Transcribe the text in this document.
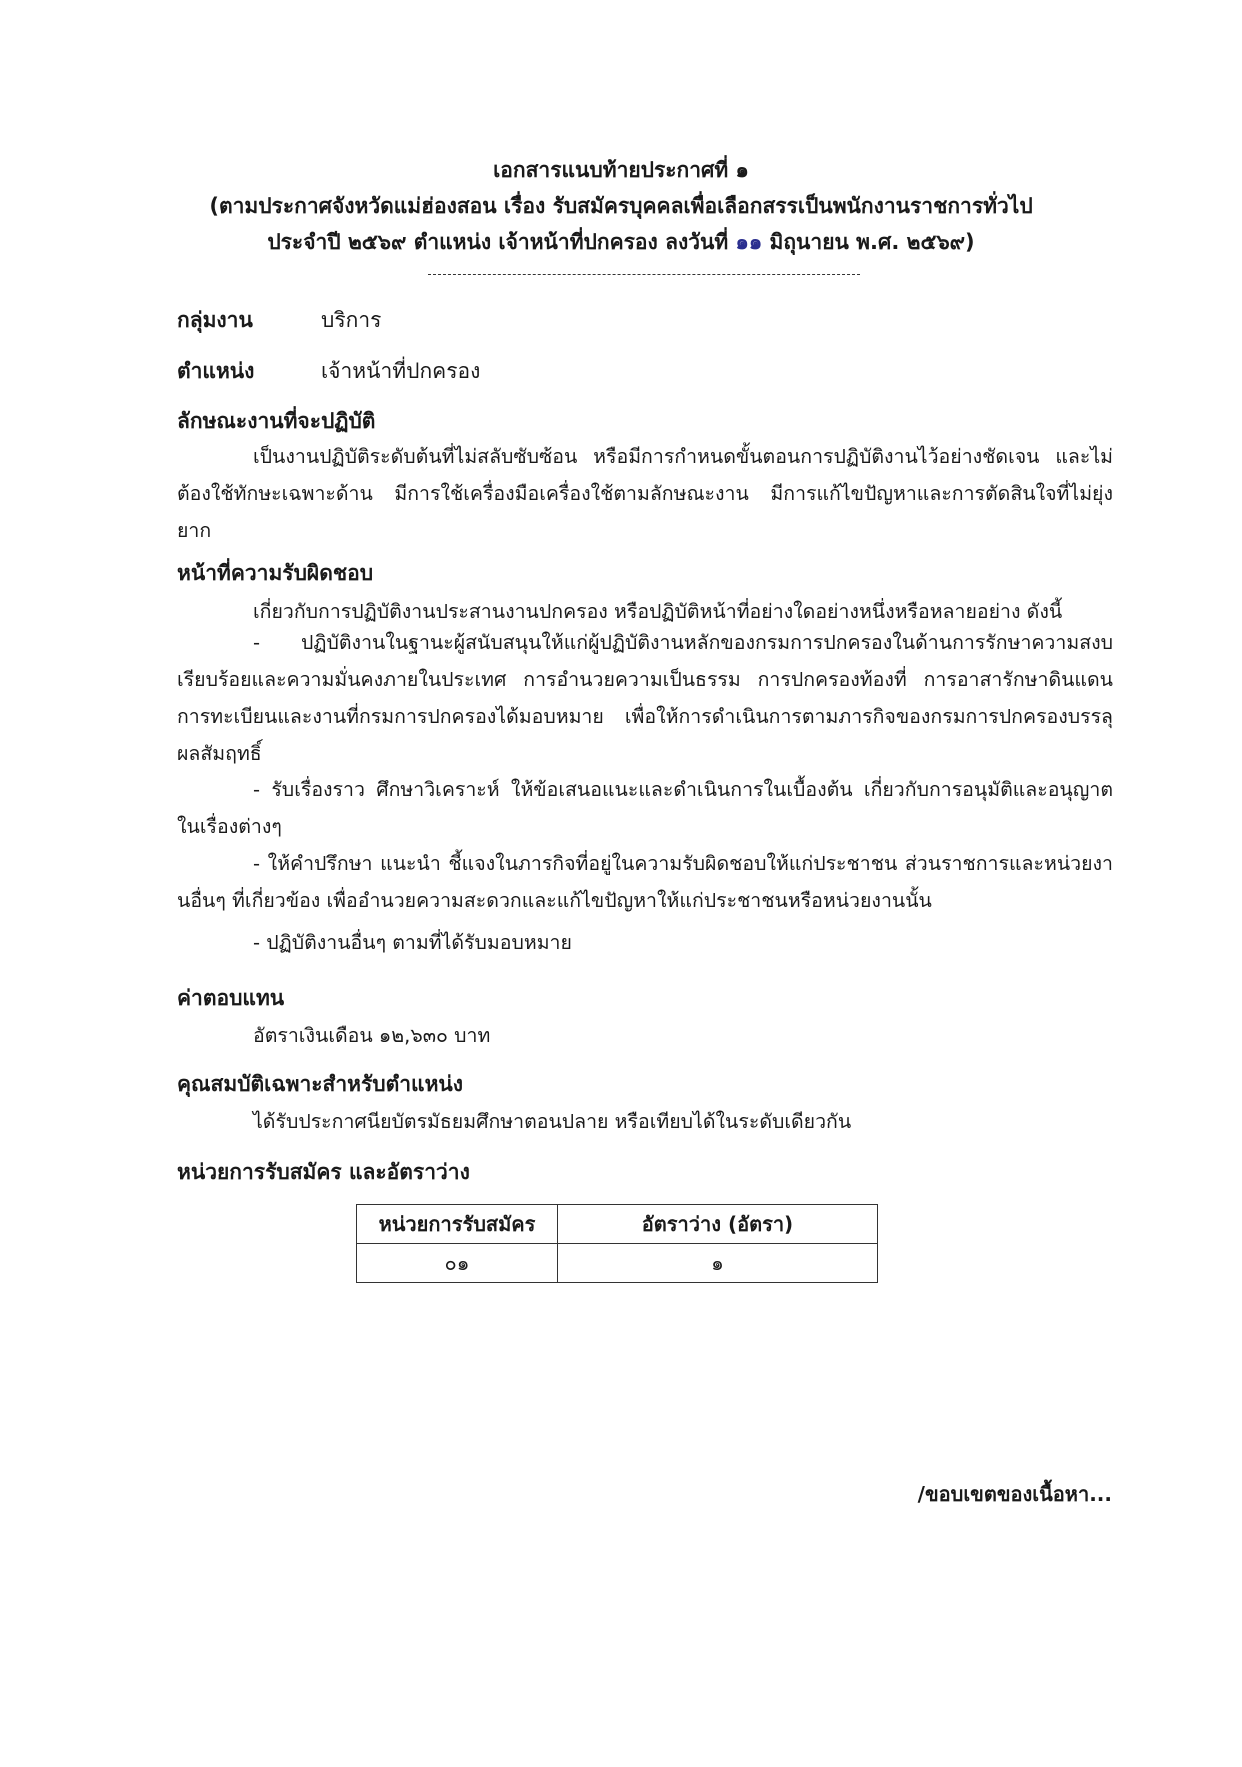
เอกสารแนบท้ายประกาศที่ ๑
(ตามประกาศจังหวัดแม่ฮ่องสอน เรื่อง รับสมัครบุคคลเพื่อเลือกสรรเป็นพนักงานราชการทั่วไป
ประจำปี ๒๕๖๙ ตำแหน่ง เจ้าหน้าที่ปกครอง ลงวันที่ ๑๑ มิถุนายน พ.ศ. ๒๕๖๙)
กลุ่มงาน	บริการ
ตำแหน่ง	เจ้าหน้าที่ปกครอง
ลักษณะงานที่จะปฏิบัติ

เป็นงานปฏิบัติระดับต้นที่ไม่สลับซับซ้อน หรือมีการกำหนดขั้นตอนการปฏิบัติงานไว้อย่างชัดเจน และไม่ต้องใช้ทักษะเฉพาะด้าน มีการใช้เครื่องมือเครื่องใช้ตามลักษณะงาน มีการแก้ไขปัญหาและการตัดสินใจที่ไม่ยุ่งยาก

หน้าที่ความรับผิดชอบ
เกี่ยวกับการปฏิบัติงานประสานงานปกครอง หรือปฏิบัติหน้าที่อย่างใดอย่างหนึ่งหรือหลายอย่าง ดังนี้

- ปฏิบัติงานในฐานะผู้สนับสนุนให้แก่ผู้ปฏิบัติงานหลักของกรมการปกครองในด้านการรักษาความสงบเรียบร้อยและความมั่นคงภายในประเทศ การอำนวยความเป็นธรรม การปกครองท้องที่ การอาสารักษาดินแดน การทะเบียนและงานที่กรมการปกครองได้มอบหมาย เพื่อให้การดำเนินการตามภารกิจของกรมการปกครองบรรลุผลสัมฤทธิ์

- รับเรื่องราว ศึกษาวิเคราะห์ ให้ข้อเสนอแนะและดำเนินการในเบื้องต้น เกี่ยวกับการอนุมัติและอนุญาตในเรื่องต่างๆ

- ให้คำปรึกษา แนะนำ ชี้แจงในภารกิจที่อยู่ในความรับผิดชอบให้แก่ประชาชน ส่วนราชการและหน่วยงานอื่นๆ ที่เกี่ยวข้อง เพื่ออำนวยความสะดวกและแก้ไขปัญหาให้แก่ประชาชนหรือหน่วยงานนั้น

- ปฏิบัติงานอื่นๆ ตามที่ได้รับมอบหมาย
ค่าตอบแทน
อัตราเงินเดือน ๑๒,๖๓๐ บาท
คุณสมบัติเฉพาะสำหรับตำแหน่ง
ได้รับประกาศนียบัตรมัธยมศึกษาตอนปลาย หรือเทียบได้ในระดับเดียวกัน
หน่วยการรับสมัคร และอัตราว่าง
หน่วยการรับสมัคร	อัตราว่าง (อัตรา)
๐๑	๑
/ขอบเขตของเนื้อหา...
